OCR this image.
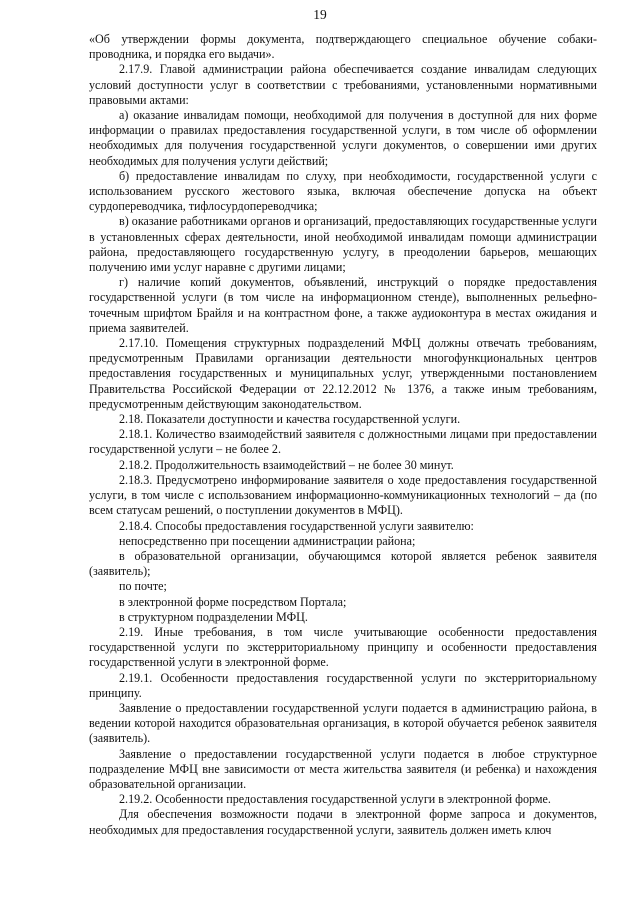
19

«Об утверждении формы документа, подтверждающего специальное обучение собаки-проводника, и порядка его выдачи».

2.17.9. Главой администрации района обеспечивается создание инвалидам следующих условий доступности услуг в соответствии с требованиями, установленными нормативными правовыми актами:

а) оказание инвалидам помощи, необходимой для получения в доступной для них форме информации о правилах предоставления государственной услуги, в том числе об оформлении необходимых для получения государственной услуги документов, о совершении ими других необходимых для получения услуги действий;

б) предоставление инвалидам по слуху, при необходимости, государственной услуги с использованием русского жестового языка, включая обеспечение допуска на объект сурдопереводчика, тифлосурдопереводчика;

в) оказание работниками органов и организаций, предоставляющих государственные услуги в установленных сферах деятельности, иной необходимой инвалидам помощи администрации района, предоставляющего государственную услугу, в преодолении барьеров, мешающих получению ими услуг наравне с другими лицами;

г) наличие копий документов, объявлений, инструкций о порядке предоставления государственной услуги (в том числе на информационном стенде), выполненных рельефно-точечным шрифтом Брайля и на контрастном фоне, а также аудиоконтура в местах ожидания и приема заявителей.

2.17.10. Помещения структурных подразделений МФЦ должны отвечать требованиям, предусмотренным Правилами организации деятельности многофункциональных центров предоставления государственных и муниципальных услуг, утвержденными постановлением Правительства Российской Федерации от 22.12.2012 № 1376, а также иным требованиям, предусмотренным действующим законодательством.

2.18. Показатели доступности и качества государственной услуги.

2.18.1. Количество взаимодействий заявителя с должностными лицами при предоставлении государственной услуги – не более 2.

2.18.2. Продолжительность взаимодействий – не более 30 минут.

2.18.3. Предусмотрено информирование заявителя о ходе предоставления государственной услуги, в том числе с использованием информационно-коммуникационных технологий – да (по всем статусам решений, о поступлении документов в МФЦ).

2.18.4. Способы предоставления государственной услуги заявителю:

непосредственно при посещении администрации района;

в образовательной организации, обучающимся которой является ребенок заявителя (заявитель);

по почте;

в электронной форме посредством Портала;

в структурном подразделении МФЦ.

2.19. Иные требования, в том числе учитывающие особенности предоставления государственной услуги по экстерриториальному принципу и особенности предоставления государственной услуги в электронной форме.

2.19.1. Особенности предоставления государственной услуги по экстерриториальному принципу.

Заявление о предоставлении государственной услуги подается в администрацию района, в ведении которой находится образовательная организация, в которой обучается ребенок заявителя (заявитель).

Заявление о предоставлении государственной услуги подается в любое структурное подразделение МФЦ вне зависимости от места жительства заявителя (и ребенка) и нахождения образовательной организации.

2.19.2. Особенности предоставления государственной услуги в электронной форме.

Для обеспечения возможности подачи в электронной форме запроса и документов, необходимых для предоставления государственной услуги, заявитель должен иметь ключ
